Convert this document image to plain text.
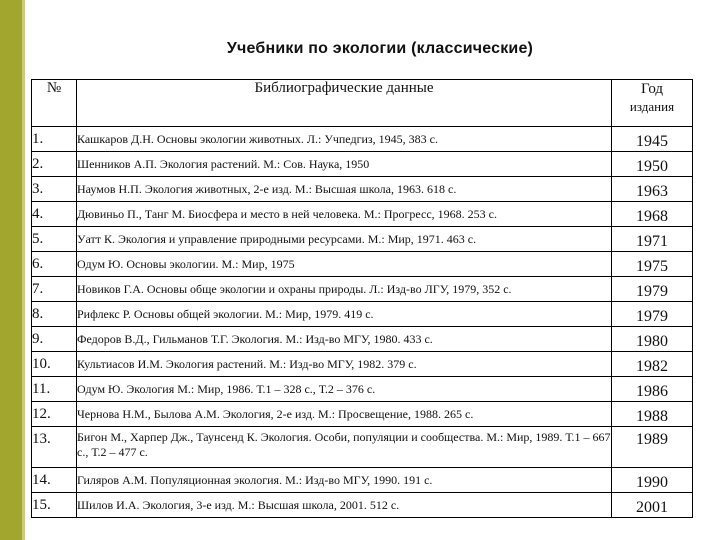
Учебники по экологии (классические)
№	Библиографические данные	Год
издания

1.	Кашкаров Д.Н. Основы экологии животных. Л.: Учпедгиз, 1945, 383 с.	1945
2.	Шенников А.П. Экология растений. М.: Сов. Наука, 1950	1950
3.	Наумов Н.П. Экология животных, 2-е изд. М.: Высшая школа, 1963. 618 с.	1963
4.	Дювиньо П., Танг М. Биосфера и место в ней человека. М.: Прогресс, 1968. 253 с.	1968
5.	Уатт К. Экология и управление природными ресурсами. М.: Мир, 1971. 463 с.	1971
6.	Одум Ю. Основы экологии. М.: Мир, 1975	1975
7.	Новиков Г.А. Основы обще экологии и охраны природы. Л.: Изд-во ЛГУ, 1979, 352 с.	1979
8.	Рифлекс Р. Основы общей экологии. М.: Мир, 1979. 419 с.	1979
9.	Федоров В.Д., Гильманов Т.Г. Экология. М.: Изд-во МГУ, 1980. 433 с.	1980
10.	Культиасов И.М. Экология растений. М.: Изд-во МГУ, 1982. 379 с.	1982
11.	Одум Ю. Экология М.: Мир, 1986. Т.1 – 328 с., Т.2 – 376 с.	1986
12.	Чернова Н.М., Былова А.М. Экология, 2-е изд. М.: Просвещение, 1988. 265 с.	1988
13.	Бигон М., Харпер Дж., Таунсенд К. Экология. Особи, популяции и сообщества. М.: Мир, 1989. Т.1 – 667 с., Т.2 – 477 с.	1989
14.	Гиляров А.М. Популяционная экология. М.: Изд-во МГУ, 1990. 191 с.	1990
15.	Шилов И.А. Экология, 3-е изд. М.: Высшая школа, 2001. 512 с.	2001
